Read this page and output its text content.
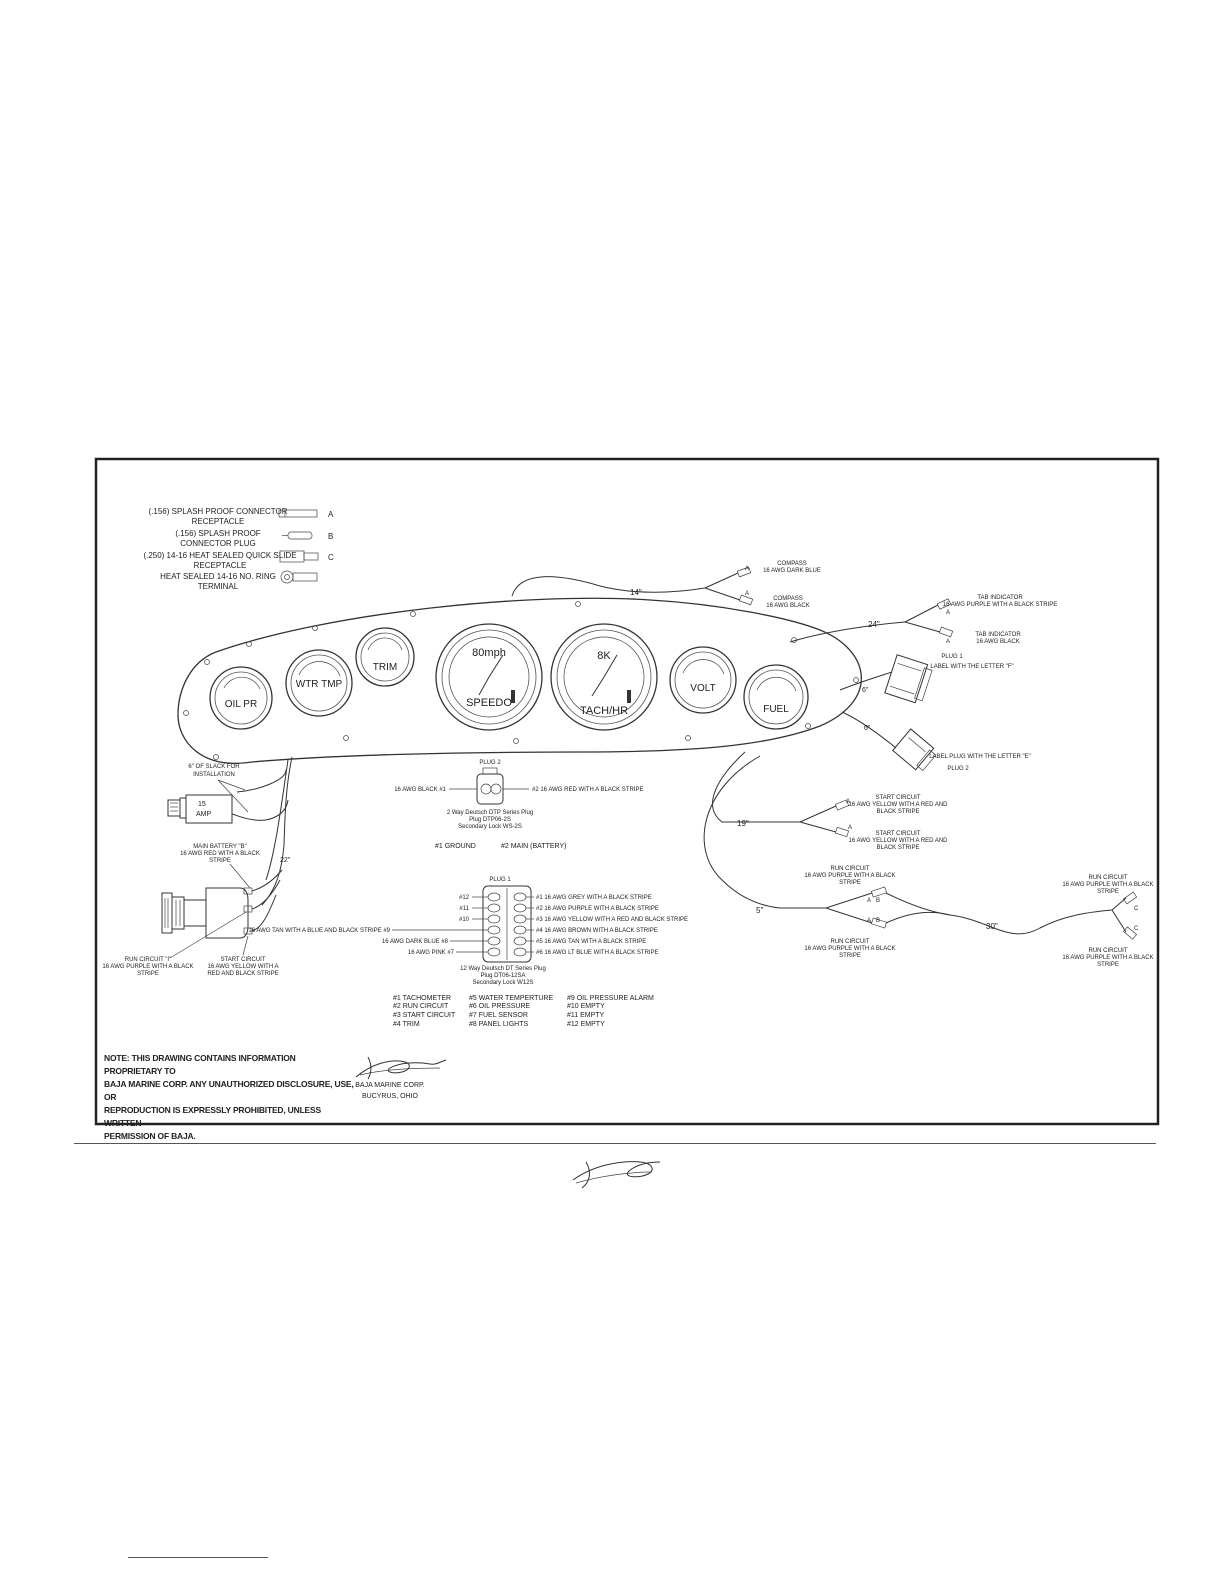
(.156) SPLASH PROOF CONNECTOR
RECEPTACLE
A
(.156) SPLASH PROOF
CONNECTOR PLUG
B
(.250) 14-16 HEAT SEALED QUICK SLIDE
RECEPTACLE
C
HEAT SEALED 14-16 NO. RING
TERMINAL
OIL PR
WTR TMP
TRIM
80mph
SPEEDO
8K
TACH/HR
VOLT
FUEL
14"
A
A
COMPASS
16 AWG DARK BLUE
COMPASS
16 AWG BLACK
24"
A
A
TAB INDICATOR
16 AWG PURPLE WITH A BLACK STRIPE
TAB INDICATOR
16 AWG BLACK
6"
6"
PLUG 1
LABEL WITH THE LETTER "F"
LABEL PLUG WITH THE LETTER "E"
PLUG 2
19"
A
A
START CIRCUIT
16 AWG YELLOW WITH A RED AND
BLACK STRIPE
START CIRCUIT
16 AWG YELLOW WITH A RED AND
BLACK STRIPE
5"
30"
A B
A B
C
C
RUN CIRCUIT
16 AWG PURPLE WITH A BLACK
STRIPE
RUN CIRCUIT
16 AWG PURPLE WITH A BLACK
STRIPE
RUN CIRCUIT
16 AWG PURPLE WITH A BLACK
STRIPE
RUN CIRCUIT
16 AWG PURPLE WITH A BLACK
STRIPE
6" OF SLACK FOR
INSTALLATION
15
AMP
MAIN BATTERY "B"
16 AWG RED WITH A BLACK
STRIPE	22"
RUN CIRCUIT "I"
16 AWG PURPLE WITH A BLACK
STRIPE
START CIRCUIT
16 AWG YELLOW WITH A
RED AND BLACK STRIPE
PLUG 2
16 AWG BLACK #1	#2 16 AWG RED WITH A BLACK STRIPE
2 Way Deutsch DTP Series Plug
Plug DTP06-2S
Secondary Lock WS-2S
#1 GROUND	#2 MAIN (BATTERY)
PLUG 1
#12
#11
#10
16 AWG TAN WITH A BLUE AND BLACK STRIPE #9
16 AWG DARK BLUE #8
16 AWG PINK #7
#1 16 AWG GREY WITH A BLACK STRIPE
#2 16 AWG PURPLE WITH A BLACK STRIPE
#3 16 AWG YELLOW WITH A RED AND BLACK STRIPE
#4 16 AWG BROWN WITH A BLACK STRIPE
#5 16 AWG TAN WITH A BLACK STRIPE
#6 16 AWG LT BLUE WITH A BLACK STRIPE
12 Way Deutsch DT Series Plug
Plug DT06-12SA
Secondary Lock W12S
#1 TACHOMETER	#5 WATER TEMPERTURE #9 OIL PRESSURE ALARM
#2 RUN CIRCUIT	#6 OIL PRESSURE	#10 EMPTY
#3 START CIRCUIT #7 FUEL SENSOR	#11 EMPTY
#4 TRIM	#8 PANEL LIGHTS	#12 EMPTY
BAJA MARINE CORP.
BUCYRUS, OHIO
NOTE: THIS DRAWING CONTAINS INFORMATION PROPRIETARY TO
BAJA MARINE CORP. ANY UNAUTHORIZED DISCLOSURE, USE, OR
REPRODUCTION IS EXPRESSLY PROHIBITED, UNLESS WRITTEN
PERMISSION OF BAJA.
